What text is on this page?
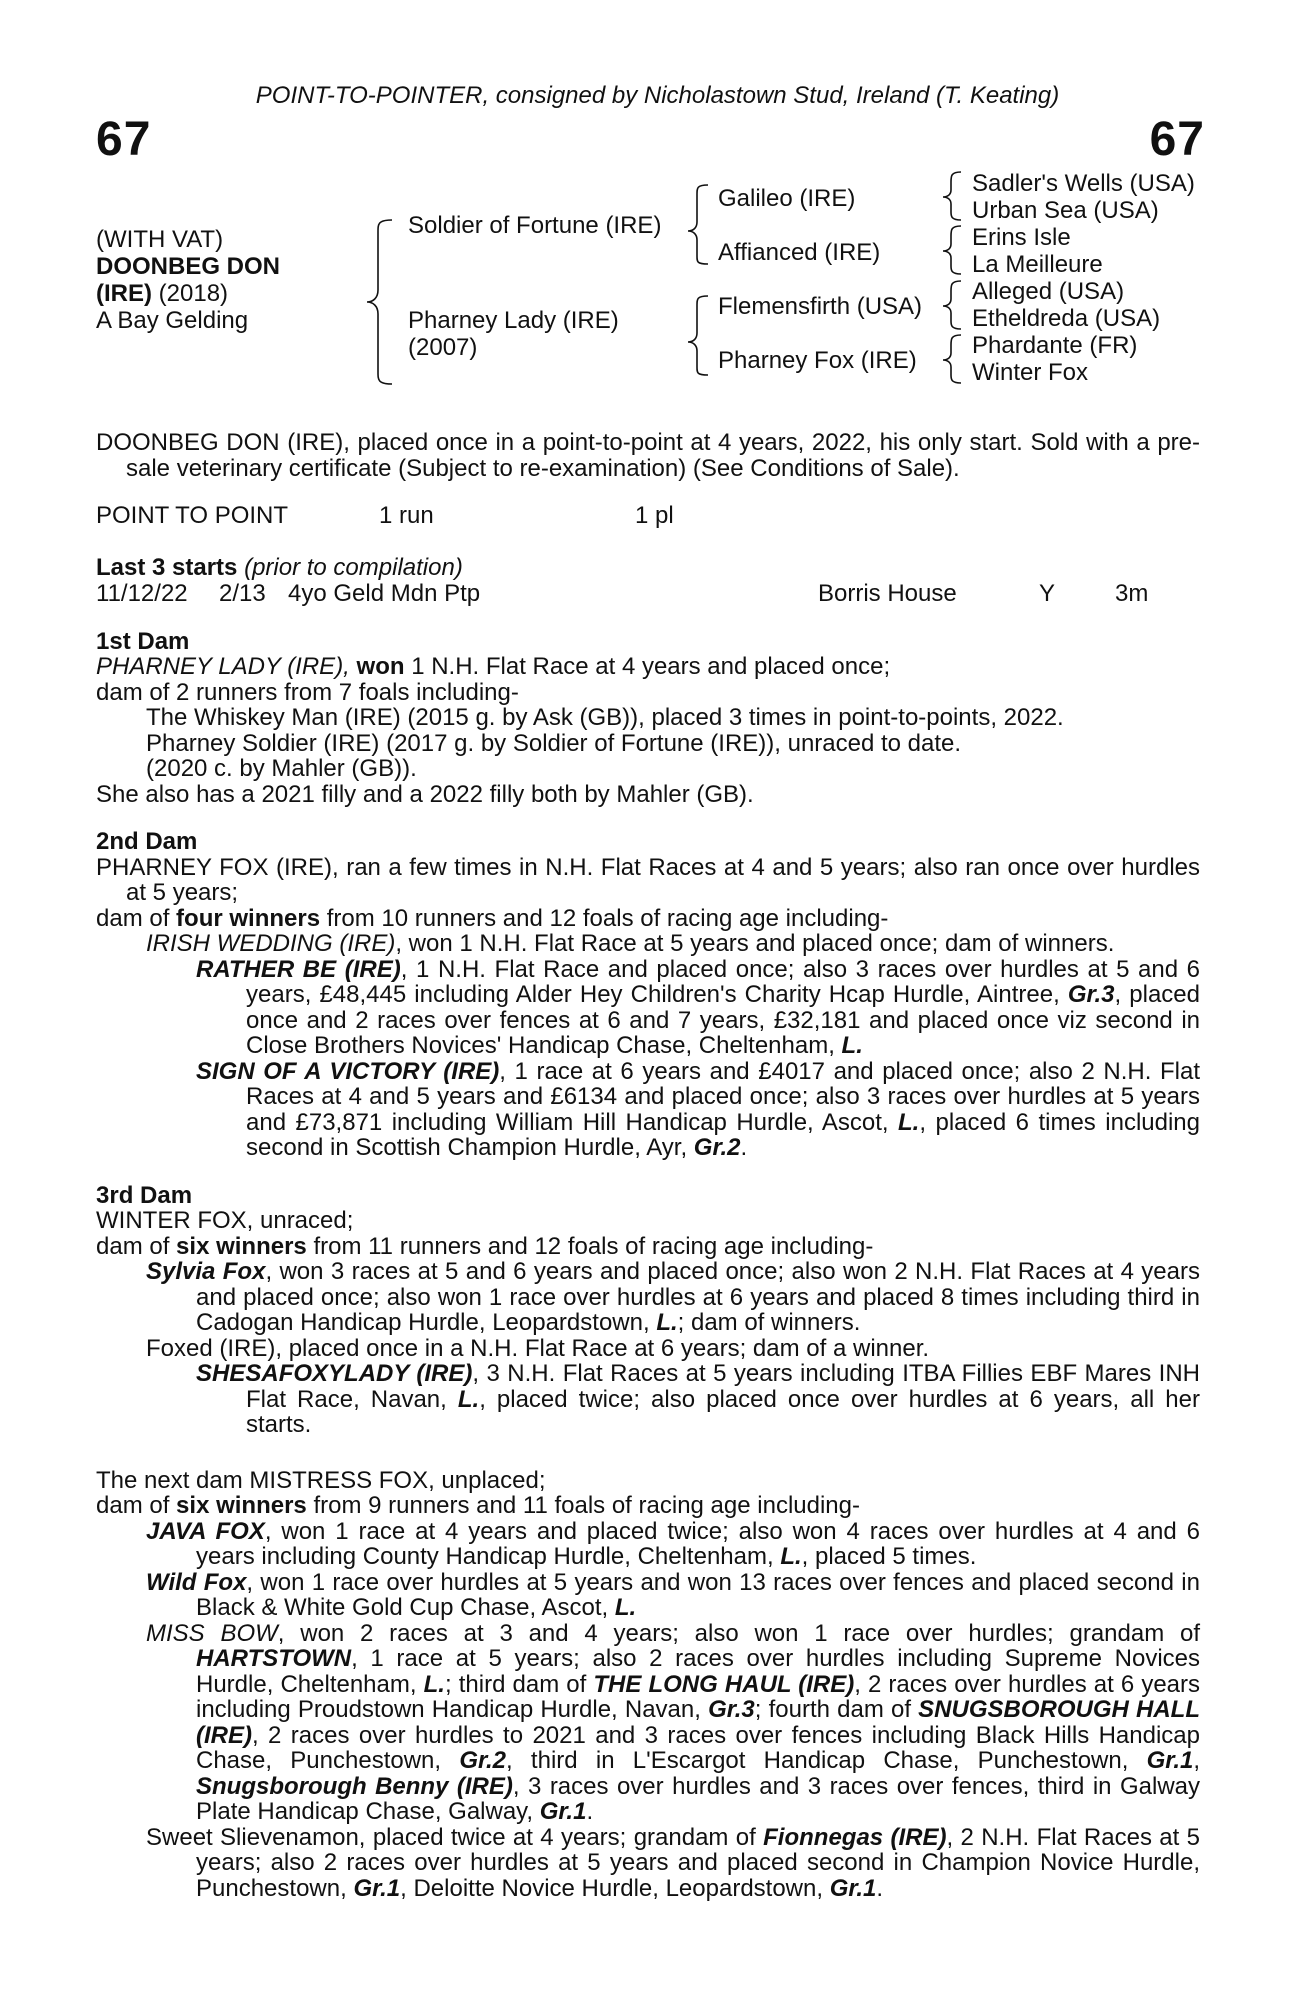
POINT-TO-POINTER, consigned by Nicholastown Stud, Ireland (T. Keating)
67	67
(WITH VAT)
DOONBEG DON
(IRE) (2018)
A Bay Gelding
Soldier of Fortune (IRE)
Pharney Lady (IRE)
(2007)
Galileo (IRE)
Affianced (IRE)
Flemensfirth (USA)
Pharney Fox (IRE)
Sadler's Wells (USA)
Urban Sea (USA)
Erins Isle
La Meilleure
Alleged (USA)
Etheldreda (USA)
Phardante (FR)
Winter Fox
DOONBEG DON (IRE), placed once in a point-to-point at 4 years, 2022, his only start. Sold with a pre-sale veterinary certificate (Subject to re-examination) (See Conditions of Sale).
POINT TO POINT	1 run	1 pl
Last 3 starts (prior to compilation)
11/12/22 2/13 4yo Geld Mdn Ptp	Borris House	Y 3m
1st Dam
PHARNEY LADY (IRE), won 1 N.H. Flat Race at 4 years and placed once;
dam of 2 runners from 7 foals including-
The Whiskey Man (IRE) (2015 g. by Ask (GB)), placed 3 times in point-to-points, 2022.
Pharney Soldier (IRE) (2017 g. by Soldier of Fortune (IRE)), unraced to date.
(2020 c. by Mahler (GB)).
She also has a 2021 filly and a 2022 filly both by Mahler (GB).
2nd Dam
PHARNEY FOX (IRE), ran a few times in N.H. Flat Races at 4 and 5 years; also ran once over hurdles at 5 years;
dam of four winners from 10 runners and 12 foals of racing age including-
IRISH WEDDING (IRE), won 1 N.H. Flat Race at 5 years and placed once; dam of winners.
RATHER BE (IRE), 1 N.H. Flat Race and placed once; also 3 races over hurdles at 5 and 6 years, £48,445 including Alder Hey Children's Charity Hcap Hurdle, Aintree, Gr.3, placed once and 2 races over fences at 6 and 7 years, £32,181 and placed once viz second in Close Brothers Novices' Handicap Chase, Cheltenham, L.
SIGN OF A VICTORY (IRE), 1 race at 6 years and £4017 and placed once; also 2 N.H. Flat Races at 4 and 5 years and £6134 and placed once; also 3 races over hurdles at 5 years and £73,871 including William Hill Handicap Hurdle, Ascot, L., placed 6 times including second in Scottish Champion Hurdle, Ayr, Gr.2.
3rd Dam
WINTER FOX, unraced;
dam of six winners from 11 runners and 12 foals of racing age including-
Sylvia Fox, won 3 races at 5 and 6 years and placed once; also won 2 N.H. Flat Races at 4 years and placed once; also won 1 race over hurdles at 6 years and placed 8 times including third in Cadogan Handicap Hurdle, Leopardstown, L.; dam of winners.
Foxed (IRE), placed once in a N.H. Flat Race at 6 years; dam of a winner.
SHESAFOXYLADY (IRE), 3 N.H. Flat Races at 5 years including ITBA Fillies EBF Mares INH Flat Race, Navan, L., placed twice; also placed once over hurdles at 6 years, all her starts.
The next dam MISTRESS FOX, unplaced;
dam of six winners from 9 runners and 11 foals of racing age including-
JAVA FOX, won 1 race at 4 years and placed twice; also won 4 races over hurdles at 4 and 6 years including County Handicap Hurdle, Cheltenham, L., placed 5 times.
Wild Fox, won 1 race over hurdles at 5 years and won 13 races over fences and placed second in Black & White Gold Cup Chase, Ascot, L.
MISS BOW, won 2 races at 3 and 4 years; also won 1 race over hurdles; grandam of HARTSTOWN, 1 race at 5 years; also 2 races over hurdles including Supreme Novices Hurdle, Cheltenham, L.; third dam of THE LONG HAUL (IRE), 2 races over hurdles at 6 years including Proudstown Handicap Hurdle, Navan, Gr.3; fourth dam of SNUGSBOROUGH HALL (IRE), 2 races over hurdles to 2021 and 3 races over fences including Black Hills Handicap Chase, Punchestown, Gr.2, third in L'Escargot Handicap Chase, Punchestown, Gr.1, Snugsborough Benny (IRE), 3 races over hurdles and 3 races over fences, third in Galway Plate Handicap Chase, Galway, Gr.1.
Sweet Slievenamon, placed twice at 4 years; grandam of Fionnegas (IRE), 2 N.H. Flat Races at 5 years; also 2 races over hurdles at 5 years and placed second in Champion Novice Hurdle, Punchestown, Gr.1, Deloitte Novice Hurdle, Leopardstown, Gr.1.
